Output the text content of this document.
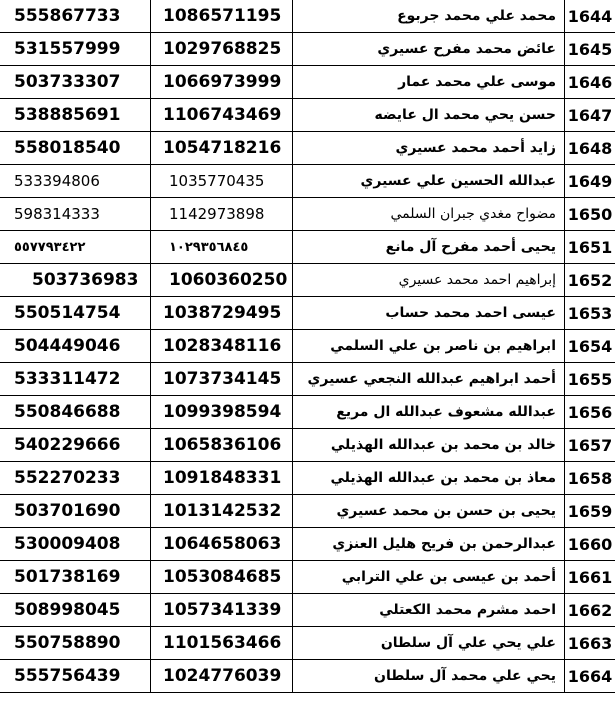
555867733	1086571195	محمد علي محمد جربوع	1644
531557999	1029768825	عائض محمد مفرح عسيري	1645
503733307	1066973999	موسى علي محمد عمار	1646
538885691	1106743469	حسن يحي محمد ال عايضه	1647
558018540	1054718216	زايد أحمد محمد عسيري	1648
533394806	1035770435	عبدالله الحسين علي عسيري	1649
598314333	1142973898	مضواح مغدي جبران السلمي	1650
٥٥٧٧٩٣٤٢٢	١٠٢٩٣٥٦٨٤٥	يحيى أحمد مفرح آل مانع	1651
503736983	1060360250	إبراهيم احمد محمد عسيري	1652
550514754	1038729495	عيسى احمد محمد حساب	1653
504449046	1028348116	ابراهيم بن ناصر بن علي السلمي	1654
533311472	1073734145	أحمد ابراهيم عبدالله النجعي عسيري	1655
550846688	1099398594	عبدالله مشعوف عبدالله ال مريع	1656
540229666	1065836106	خالد بن محمد بن عبدالله الهذيلي	1657
552270233	1091848331	معاذ بن محمد بن عبدالله الهذيلي	1658
503701690	1013142532	يحيى بن حسن بن محمد عسيري	1659
530009408	1064658063	عبدالرحمن بن فريح هليل العنزي	1660
501738169	1053084685	أحمد بن عيسى بن علي الترابي	1661
508998045	1057341339	احمد مشرم محمد الكعتلي	1662
550758890	1101563466	علي يحي علي آل سلطان	1663
555756439	1024776039	يحي علي محمد آل سلطان	1664
